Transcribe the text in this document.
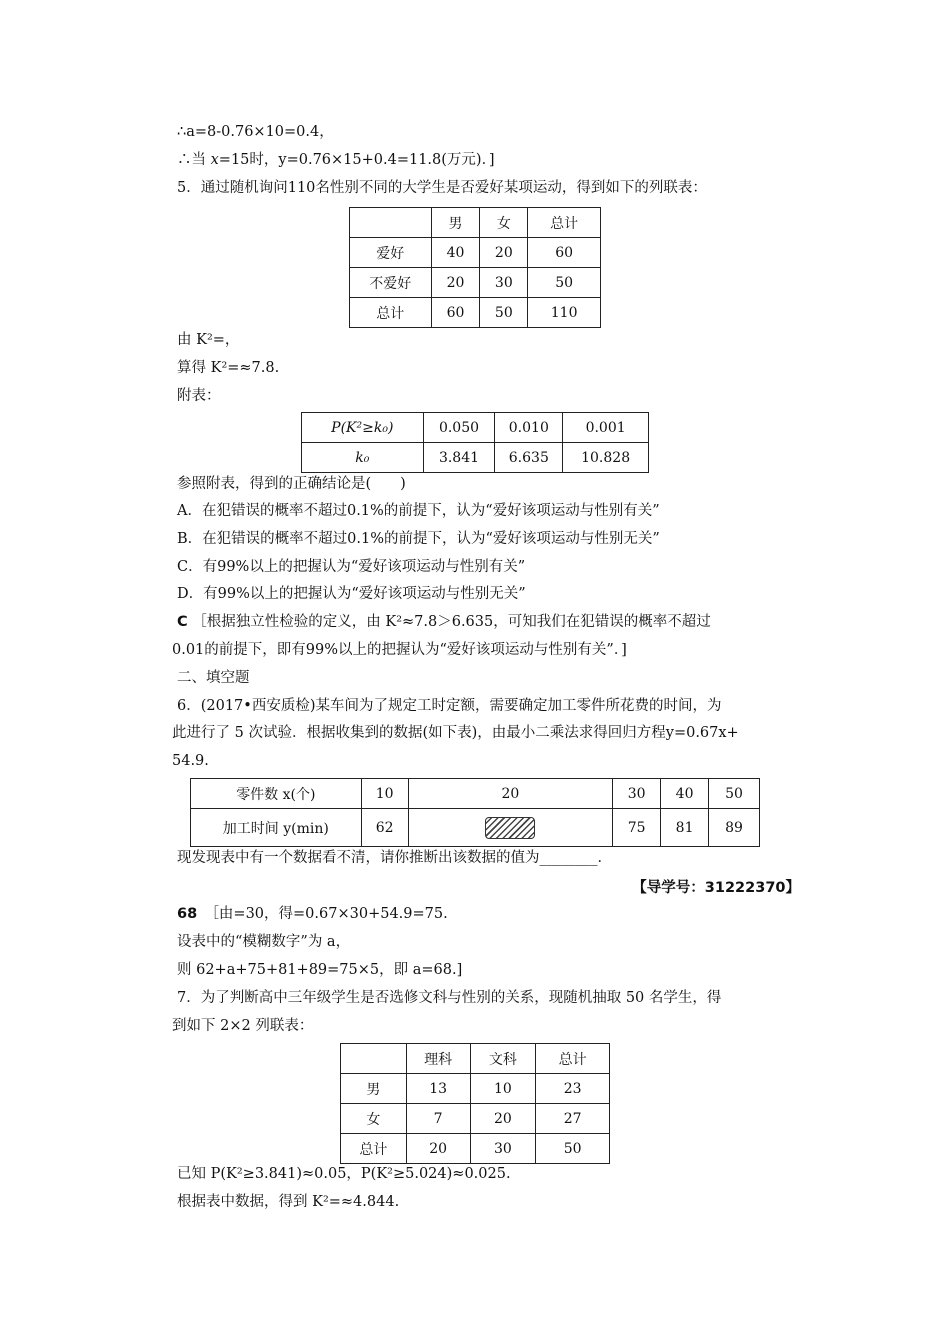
∴a=8-0.76×10=0.4，
∴当 x=15时，y=0.76×15+0.4=11.8(万元)．]
5．通过随机询问110名性别不同的大学生是否爱好某项运动，得到如下的列联表：
	男	女	总计
爱好	40	20	60
不爱好	20	30	50
总计	60	50	110
由 K²=，
算得 K²=≈7.8.
附表：
P(K²≥k₀)	0.050	0.010	0.001
k₀	3.841	6.635	10.828
参照附表，得到的正确结论是(　　)
A．在犯错误的概率不超过0.1%的前提下，认为“爱好该项运动与性别有关”
B．在犯错误的概率不超过0.1%的前提下，认为“爱好该项运动与性别无关”
C．有99%以上的把握认为“爱好该项运动与性别有关”
D．有99%以上的把握认为“爱好该项运动与性别无关”
C ［根据独立性检验的定义，由 K²≈7.8＞6.635，可知我们在犯错误的概率不超过
0.01的前提下，即有99%以上的把握认为“爱好该项运动与性别有关”．]
二、填空题
6．(2017•西安质检)某车间为了规定工时定额，需要确定加工零件所花费的时间，为
此进行了 5 次试验．根据收集到的数据(如下表)，由最小二乘法求得回归方程y=0.67x+
54.9.
零件数 x(个)	10	20	30	40	50
加工时间 y(min)	62		75	81	89
现发现表中有一个数据看不清，请你推断出该数据的值为________．
【导学号：31222370】
68　 ［由=30，得=0.67×30+54.9=75.
设表中的“模糊数字”为 a，
则 62+a+75+81+89=75×5，即 a=68.]
7．为了判断高中三年级学生是否选修文科与性别的关系，现随机抽取 50 名学生，得
到如下 2×2 列联表：
	理科	文科	总计
男	13	10	23
女	7	20	27
总计	20	30	50
已知 P(K²≥3.841)≈0.05，P(K²≥5.024)≈0.025.
根据表中数据，得到 K²=≈4.844.
